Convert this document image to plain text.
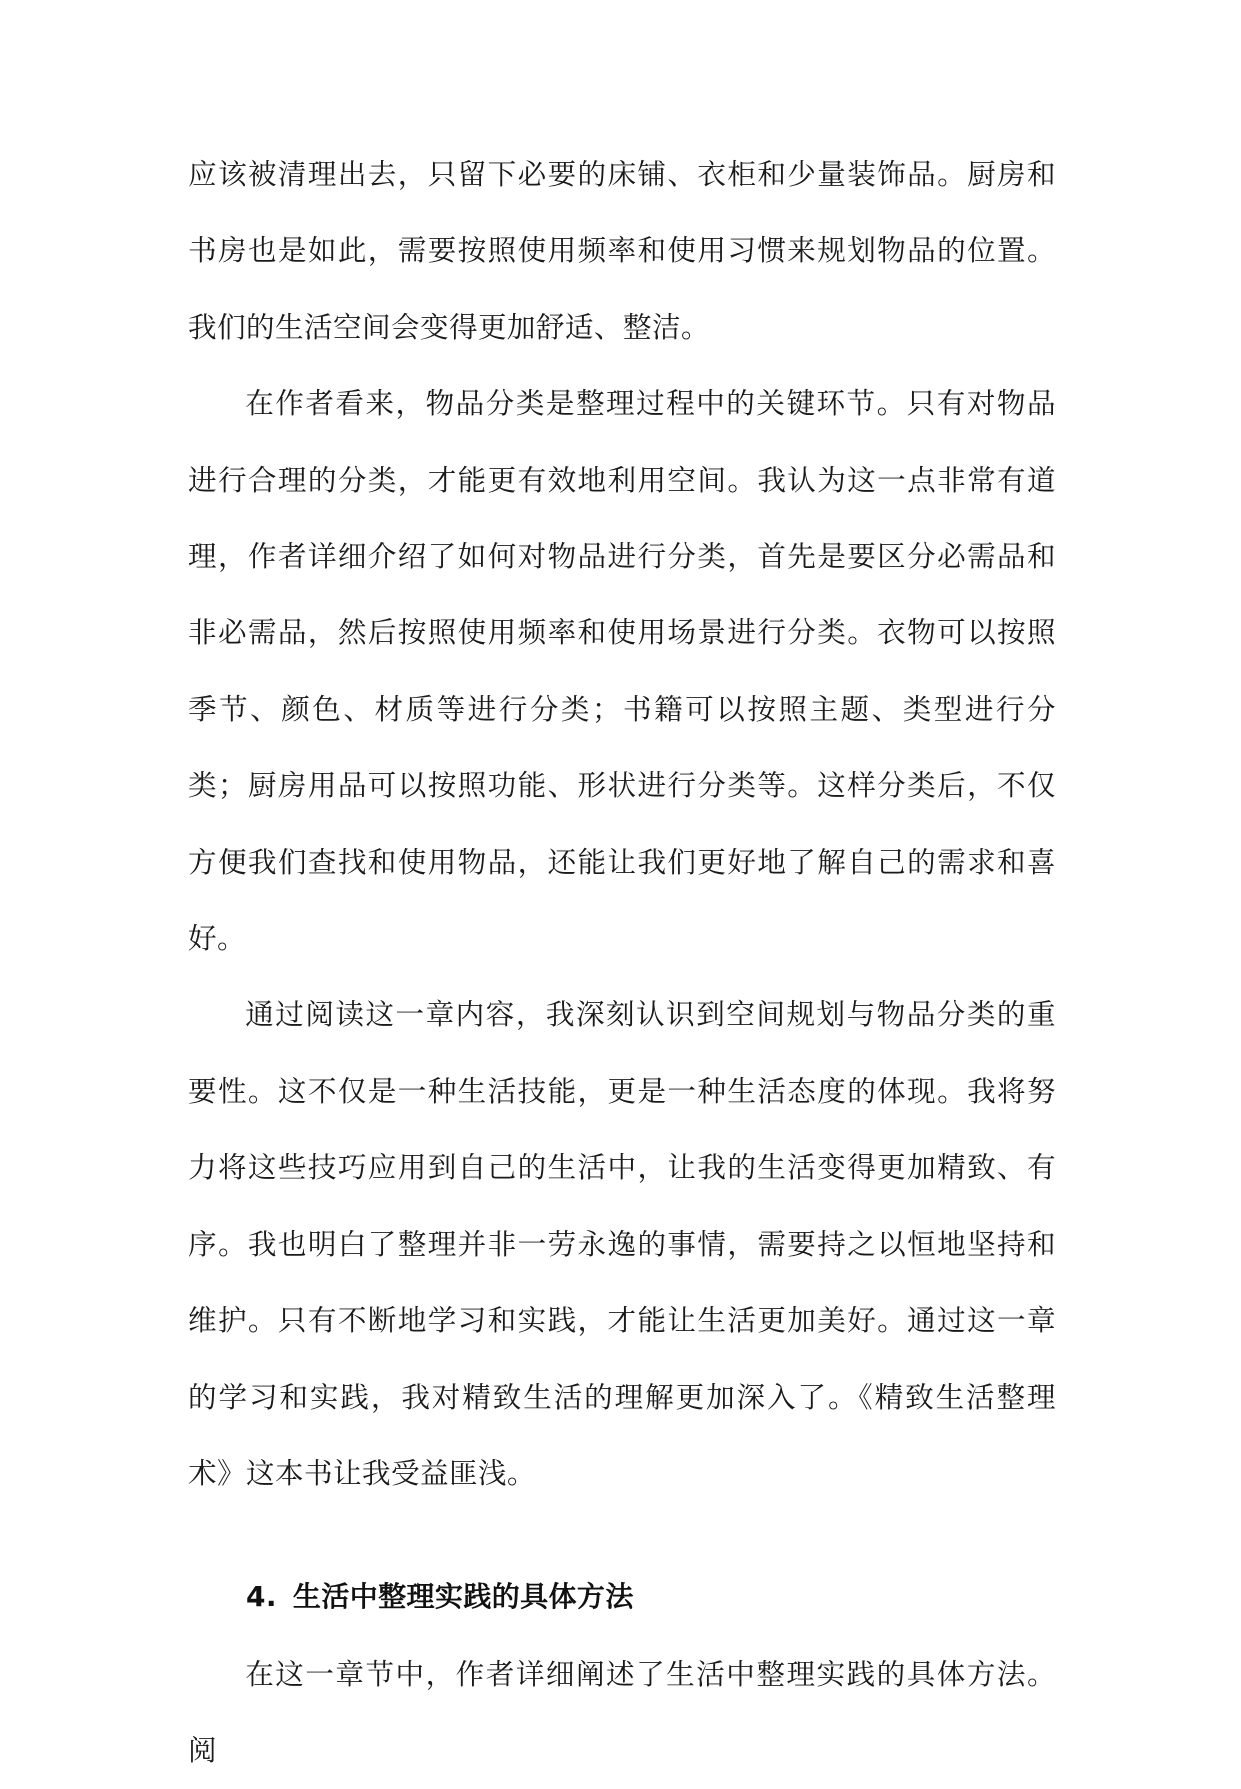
应该被清理出去，只留下必要的床铺、衣柜和少量装饰品。厨房和书房也是如此，需要按照使用频率和使用习惯来规划物品的位置。我们的生活空间会变得更加舒适、整洁。

在作者看来，物品分类是整理过程中的关键环节。只有对物品进行合理的分类，才能更有效地利用空间。我认为这一点非常有道理，作者详细介绍了如何对物品进行分类，首先是要区分必需品和非必需品，然后按照使用频率和使用场景进行分类。衣物可以按照季节、颜色、材质等进行分类；书籍可以按照主题、类型进行分类；厨房用品可以按照功能、形状进行分类等。这样分类后，不仅方便我们查找和使用物品，还能让我们更好地了解自己的需求和喜好。

通过阅读这一章内容，我深刻认识到空间规划与物品分类的重要性。这不仅是一种生活技能，更是一种生活态度的体现。我将努力将这些技巧应用到自己的生活中，让我的生活变得更加精致、有序。我也明白了整理并非一劳永逸的事情，需要持之以恒地坚持和维护。只有不断地学习和实践，才能让生活更加美好。通过这一章的学习和实践，我对精致生活的理解更加深入了。《精致生活整理术》这本书让我受益匪浅。

4. 生活中整理实践的具体方法

在这一章节中，作者详细阐述了生活中整理实践的具体方法。阅
